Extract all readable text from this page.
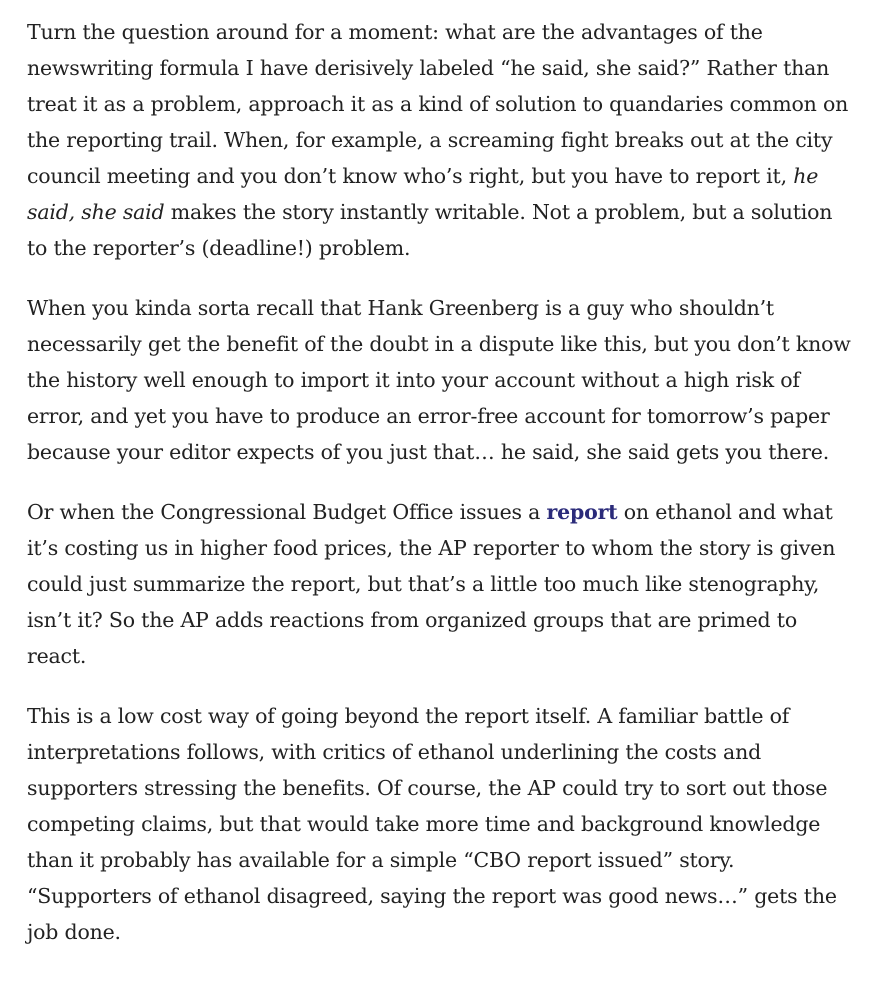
Turn the question around for a moment: what are the advantages of the newswriting formula I have derisively labeled “he said, she said?” Rather than treat it as a problem, approach it as a kind of solution to quandaries common on the reporting trail. When, for example, a screaming fight breaks out at the city council meeting and you don’t know who’s right, but you have to report it, he said, she said makes the story instantly writable. Not a problem, but a solution to the reporter’s (deadline!) problem.

When you kinda sorta recall that Hank Greenberg is a guy who shouldn’t necessarily get the benefit of the doubt in a dispute like this, but you don’t know the history well enough to import it into your account without a high risk of error, and yet you have to produce an error-free account for tomorrow’s paper because your editor expects of you just that… he said, she said gets you there.

Or when the Congressional Budget Office issues a report on ethanol and what it’s costing us in higher food prices, the AP reporter to whom the story is given could just summarize the report, but that’s a little too much like stenography, isn’t it? So the AP adds reactions from organized groups that are primed to react.

This is a low cost way of going beyond the report itself. A familiar battle of interpretations follows, with critics of ethanol underlining the costs and supporters stressing the benefits. Of course, the AP could try to sort out those competing claims, but that would take more time and background knowledge than it probably has available for a simple “CBO report issued” story. “Supporters of ethanol disagreed, saying the report was good news…” gets the job done.
